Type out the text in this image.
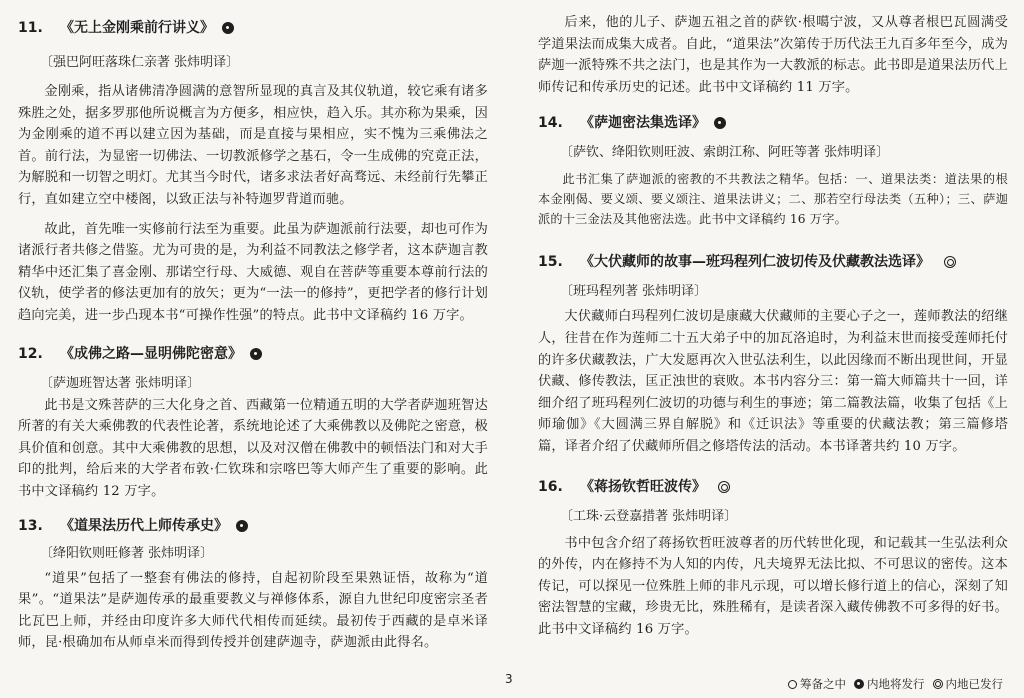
11.	《无上金刚乘前行讲义》
〔强巴阿旺落珠仁亲著 张炜明译〕

金刚乘，指从诸佛清净圆满的意智所显现的真言及其仪轨道，较它乘有诸多殊胜之处，据多罗那他所说概言为方便多，相应快，趋入乐。其亦称为果乘，因为金刚乘的道不再以建立因为基础，而是直接与果相应，实不愧为三乘佛法之首。前行法，为显密一切佛法、一切教派修学之基石，令一生成佛的究竟正法，为解脱和一切智之明灯。尤其当今时代，诸多求法者好高骛远、未经前行先攀正行，直如建立空中楼阁，以致正法与补特迦罗背道而驰。

故此，首先唯一实修前行法至为重要。此虽为萨迦派前行法要，却也可作为诸派行者共修之借鉴。尤为可贵的是，为利益不同教法之修学者，这本萨迦言教精华中还汇集了喜金刚、那诺空行母、大威德、观自在菩萨等重要本尊前行法的仪轨，使学者的修法更加有的放矢；更为“一法一的修持”，更把学者的修行计划趋向完美，进一步凸现本书“可操作性强”的特点。此书中文译稿约 16 万字。

12.	《成佛之路—显明佛陀密意》
〔萨迦班智达著 张炜明译〕

此书是文殊菩萨的三大化身之首、西藏第一位精通五明的大学者萨迦班智达所著的有关大乘佛教的代表性论著，系统地论述了大乘佛教以及佛陀之密意，极具价值和创意。其中大乘佛教的思想，以及对汉僧在佛教中的顿悟法门和对大手印的批判，给后来的大学者布敦·仁钦珠和宗喀巴等大师产生了重要的影响。此书中文译稿约 12 万字。

13.	《道果法历代上师传承史》
〔绛阳钦则旺修著 张炜明译〕

“道果”包括了一整套有佛法的修持，自起初阶段至果熟证悟，故称为“道果”。“道果法”是萨迦传承的最重要教义与禅修体系，源自九世纪印度密宗圣者比瓦巴上师，并经由印度许多大师代代相传而延续。最初传于西藏的是卓米译师，昆·根确加布从师卓米而得到传授并创建萨迦寺，萨迦派由此得名。

后来，他的儿子、萨迦五祖之首的萨钦·根噶宁波，又从尊者根巴瓦圆满受学道果法而成集大成者。自此，“道果法”次第传于历代法王九百多年至今，成为萨迦一派特殊不共之法门，也是其作为一大教派的标志。此书即是道果法历代上师传记和传承历史的记述。此书中文译稿约 11 万字。

14.	《萨迦密法集选译》
〔萨钦、绛阳钦则旺波、索朗江称、阿旺等著 张炜明译〕

此书汇集了萨迦派的密教的不共教法之精华。包括：一、道果法类：道法果的根本金刚偈、要义颂、要义颂注、道果法讲义；二、那若空行母法类（五种）；三、萨迦派的十三金法及其他密法选。此书中文译稿约 16 万字。

15.	《大伏藏师的故事—班玛程列仁波切传及伏藏教法选译》
〔班玛程列著 张炜明译〕

大伏藏师白玛程列仁波切是康藏大伏藏师的主要心子之一，莲师教法的绍继人，往昔在作为莲师二十五大弟子中的加瓦洛追时，为利益末世而接受莲师托付的许多伏藏教法，广大发愿再次入世弘法利生，以此因缘而不断出现世间，开显伏藏、修传教法，匡正浊世的衰败。本书内容分三：第一篇大师篇共十一回，详细介绍了班玛程列仁波切的功德与利生的事迹；第二篇教法篇，收集了包括《上师瑜伽》《大圆满三界自解脱》和《迁识法》等重要的伏藏法教；第三篇修塔篇，译者介绍了伏藏师所倡之修塔传法的活动。本书译著共约 10 万字。

16.	《蒋扬钦哲旺波传》
〔工珠·云登嘉措著 张炜明译〕

书中包含介绍了蒋扬钦哲旺波尊者的历代转世化现，和记载其一生弘法利众的外传，内在修持不为人知的内传，凡夫境界无法比拟、不可思议的密传。这本传记，可以探见一位殊胜上师的非凡示现，可以增长修行道上的信心，深刻了知密法智慧的宝藏，珍贵无比，殊胜稀有，是读者深入藏传佛教不可多得的好书。此书中文译稿约 16 万字。

3	筹备之中 内地将发行 内地已发行
